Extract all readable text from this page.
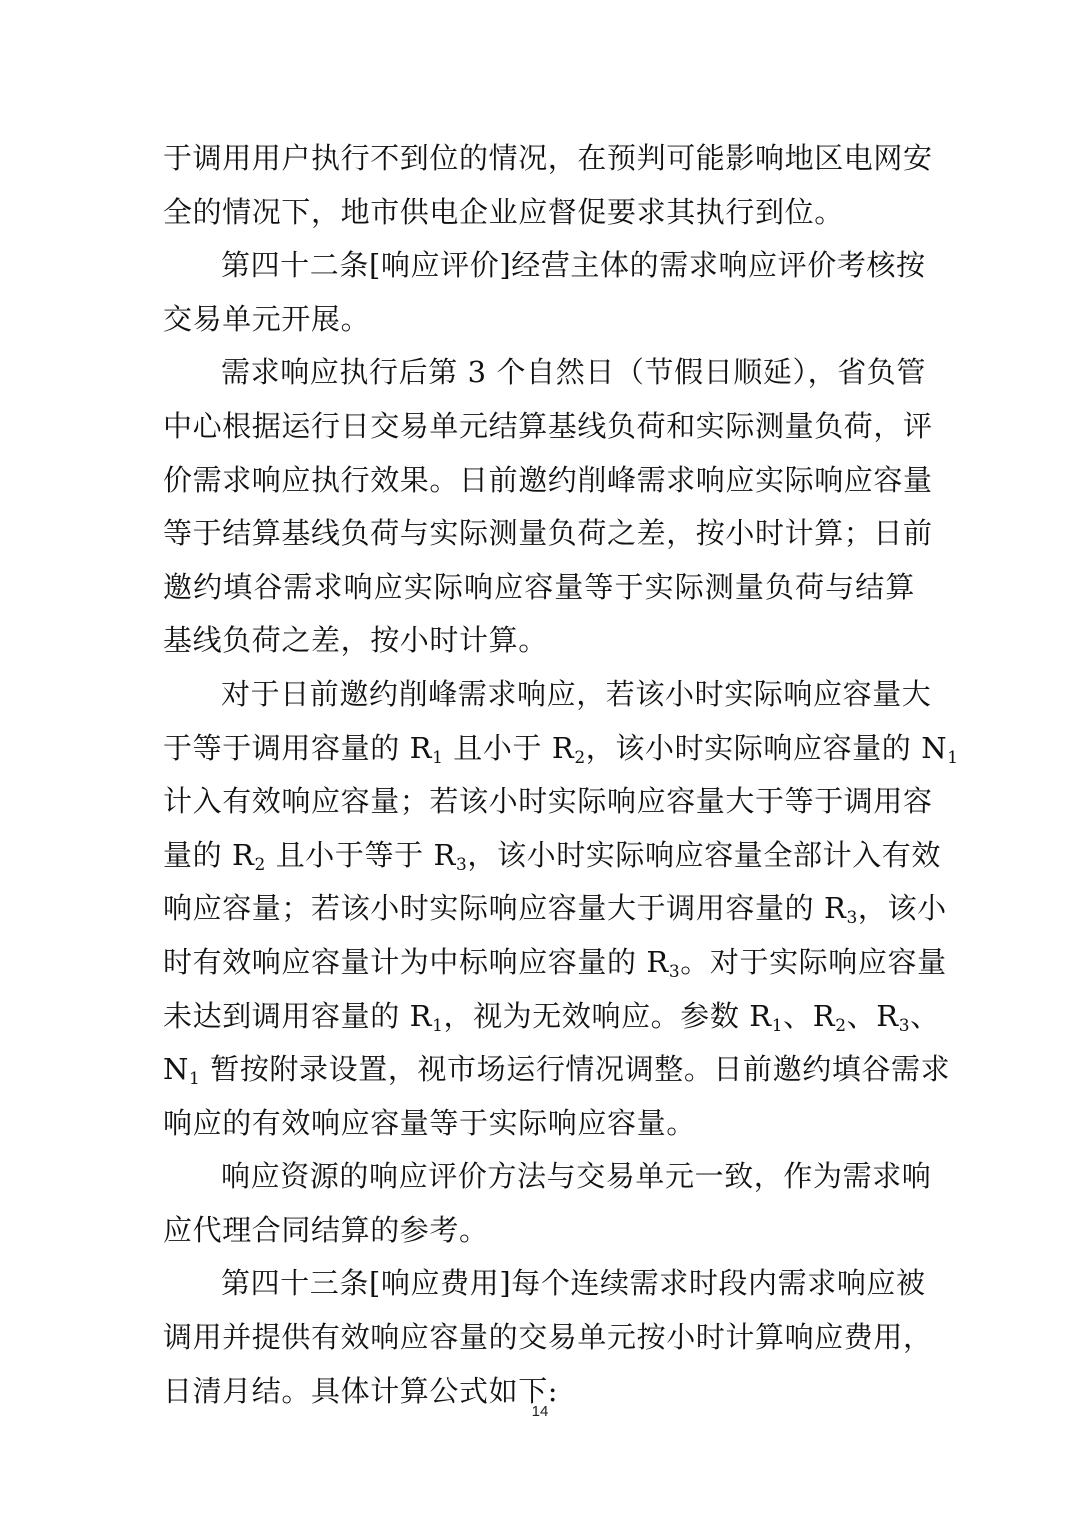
于调用用户执行不到位的情况，在预判可能影响地区电网安
全的情况下，地市供电企业应督促要求其执行到位。
第四十二条[响应评价]经营主体的需求响应评价考核按
交易单元开展。
需求响应执行后第 3 个自然日（节假日顺延），省负管
中心根据运行日交易单元结算基线负荷和实际测量负荷，评
价需求响应执行效果。日前邀约削峰需求响应实际响应容量
等于结算基线负荷与实际测量负荷之差，按小时计算；日前
邀约填谷需求响应实际响应容量等于实际测量负荷与结算
基线负荷之差，按小时计算。
对于日前邀约削峰需求响应，若该小时实际响应容量大
于等于调用容量的 $R_1$ 且小于 $R_2$，该小时实际响应容量的 $N_1$
计入有效响应容量；若该小时实际响应容量大于等于调用容
量的 $R_2$ 且小于等于 $R_3$，该小时实际响应容量全部计入有效
响应容量；若该小时实际响应容量大于调用容量的 $R_3$，该小
时有效响应容量计为中标响应容量的 $R_3$。对于实际响应容量
未达到调用容量的 $R_1$，视为无效响应。参数 $R_1$、$R_2$、$R_3$、
$N_1$ 暂按附录设置，视市场运行情况调整。日前邀约填谷需求
响应的有效响应容量等于实际响应容量。
响应资源的响应评价方法与交易单元一致，作为需求响
应代理合同结算的参考。
第四十三条[响应费用]每个连续需求时段内需求响应被
调用并提供有效响应容量的交易单元按小时计算响应费用，
日清月结。具体计算公式如下:
14
